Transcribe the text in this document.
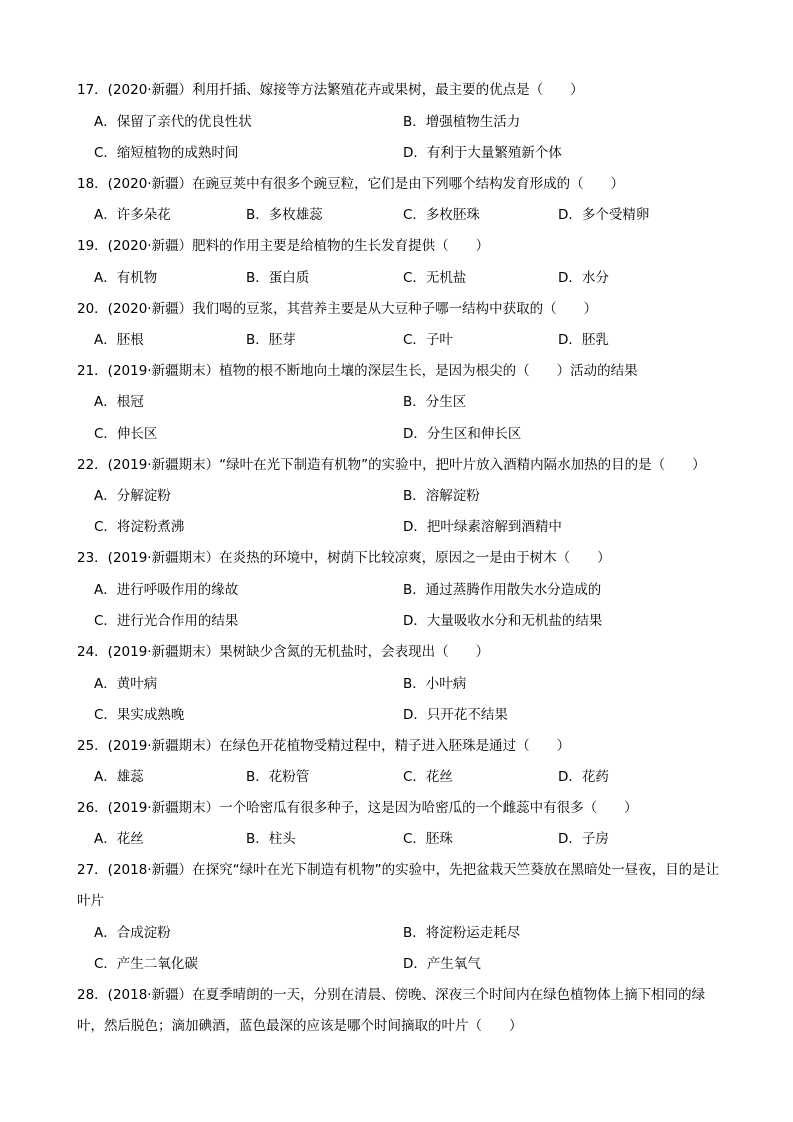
17．(2020·新疆）利用扦插、嫁接等方法繁殖花卉或果树，最主要的优点是（　　）
A．保留了亲代的优良性状	B．增强植物生活力
C．缩短植物的成熟时间	D．有利于大量繁殖新个体
18．(2020·新疆）在豌豆荚中有很多个豌豆粒，它们是由下列哪个结构发育形成的（　　）
A．许多朵花	B．多枚雄蕊	C．多枚胚珠	D．多个受精卵
19．(2020·新疆）肥料的作用主要是给植物的生长发育提供（　　）
A．有机物	B．蛋白质	C．无机盐	D．水分
20．(2020·新疆）我们喝的豆浆，其营养主要是从大豆种子哪一结构中获取的（　　）
A．胚根	B．胚芽	C．子叶	D．胚乳
21．(2019·新疆期末）植物的根不断地向土壤的深层生长，是因为根尖的（　　）活动的结果
A．根冠	B．分生区
C．伸长区	D．分生区和伸长区
22．(2019·新疆期末）“绿叶在光下制造有机物”的实验中，把叶片放入酒精内隔水加热的目的是（　　）
A．分解淀粉	B．溶解淀粉
C．将淀粉煮沸	D．把叶绿素溶解到酒精中
23．(2019·新疆期末）在炎热的环境中，树荫下比较凉爽，原因之一是由于树木（　　）
A．进行呼吸作用的缘故	B．通过蒸腾作用散失水分造成的
C．进行光合作用的结果	D．大量吸收水分和无机盐的结果
24．(2019·新疆期末）果树缺少含氮的无机盐时，会表现出（　　）
A．黄叶病	B．小叶病
C．果实成熟晚	D．只开花不结果
25．(2019·新疆期末）在绿色开花植物受精过程中，精子进入胚珠是通过（　　）
A．雄蕊	B．花粉管	C．花丝	D．花药
26．(2019·新疆期末）一个哈密瓜有很多种子，这是因为哈密瓜的一个雌蕊中有很多（　　）
A．花丝	B．柱头	C．胚珠	D．子房
27．(2018·新疆）在探究“绿叶在光下制造有机物”的实验中，先把盆栽天竺葵放在黑暗处一昼夜，目的是让叶片
A．合成淀粉	B．将淀粉运走耗尽
C．产生二氧化碳	D．产生氧气
28．(2018·新疆）在夏季晴朗的一天，分别在清晨、傍晚、深夜三个时间内在绿色植物体上摘下相同的绿叶，然后脱色；滴加碘酒，蓝色最深的应该是哪个时间摘取的叶片（　　）
